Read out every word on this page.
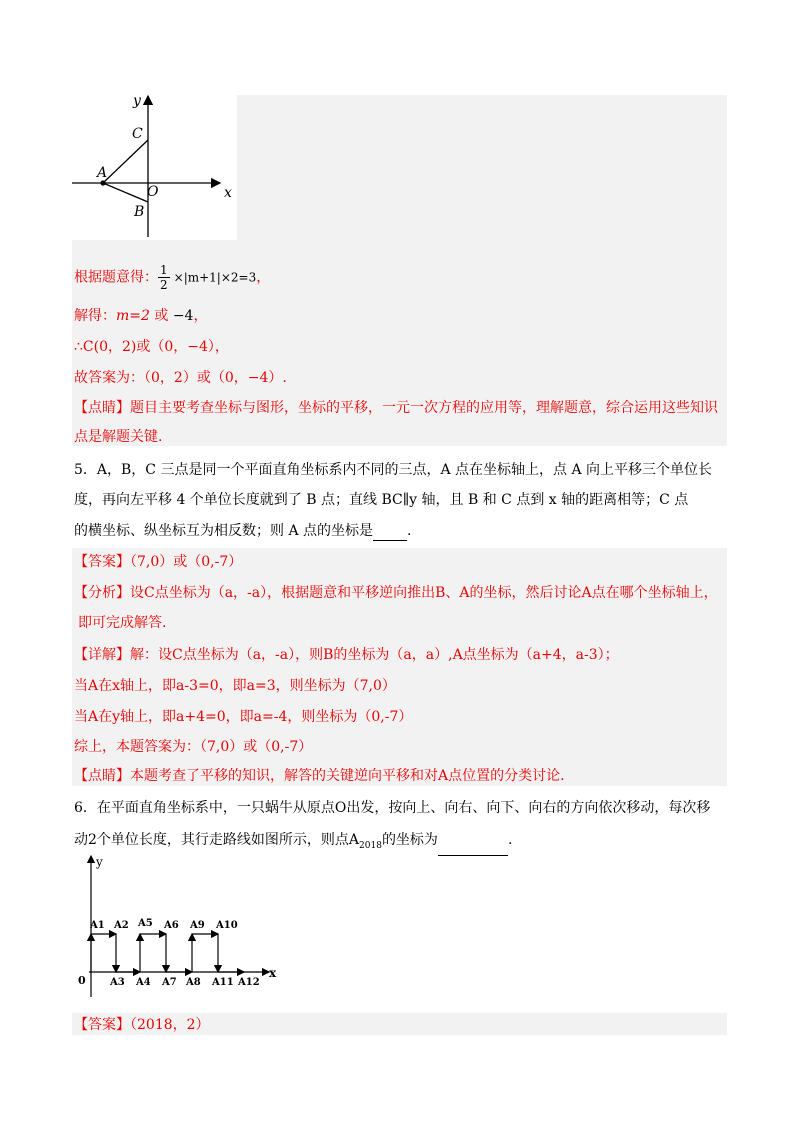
y
x
C
A
O
B
根据题意得： $\frac{1}{2} \times|m+1|\times 2=3$，
解得：m=2 或 −4，
∴C(0，2)或（0，−4），
故答案为：（0，2）或（0，−4）.
【点睛】题目主要考查坐标与图形，坐标的平移，一元一次方程的应用等，理解题意，综合运用这些知识
点是解题关键.
5．A，B，C 三点是同一个平面直角坐标系内不同的三点，A 点在坐标轴上，点 A 向上平移三个单位长
度，再向左平移 4 个单位长度就到了 B 点；直线 BC∥y 轴，且 B 和 C 点到 x 轴的距离相等；C 点
的横坐标、纵坐标互为相反数；则 A 点的坐标是 .
【答案】（7,0）或（0,-7）
【分析】设C点坐标为（a，-a），根据题意和平移逆向推出B、A的坐标，然后讨论A点在哪个坐标轴上，
即可完成解答.
【详解】解：设C点坐标为（a，-a），则B的坐标为（a，a）,A点坐标为（a+4，a-3）；
当A在x轴上，即a-3=0，即a=3，则坐标为（7,0）
当A在y轴上，即a+4=0，即a=-4，则坐标为（0,-7）
综上，本题答案为：（7,0）或（0,-7）
【点睛】本题考查了平移的知识，解答的关键逆向平移和对A点位置的分类讨论.
6．在平面直角坐标系中，一只蜗牛从原点O出发，按向上、向右、向下、向右的方向依次移动，每次移
动2个单位长度，其行走路线如图所示，则点$A_{2018}$的坐标为	.
y
x
0
A1 A2 A5 A6 A9 A10
A3 A4 A7 A8 A11 A12
【答案】（2018，2）
